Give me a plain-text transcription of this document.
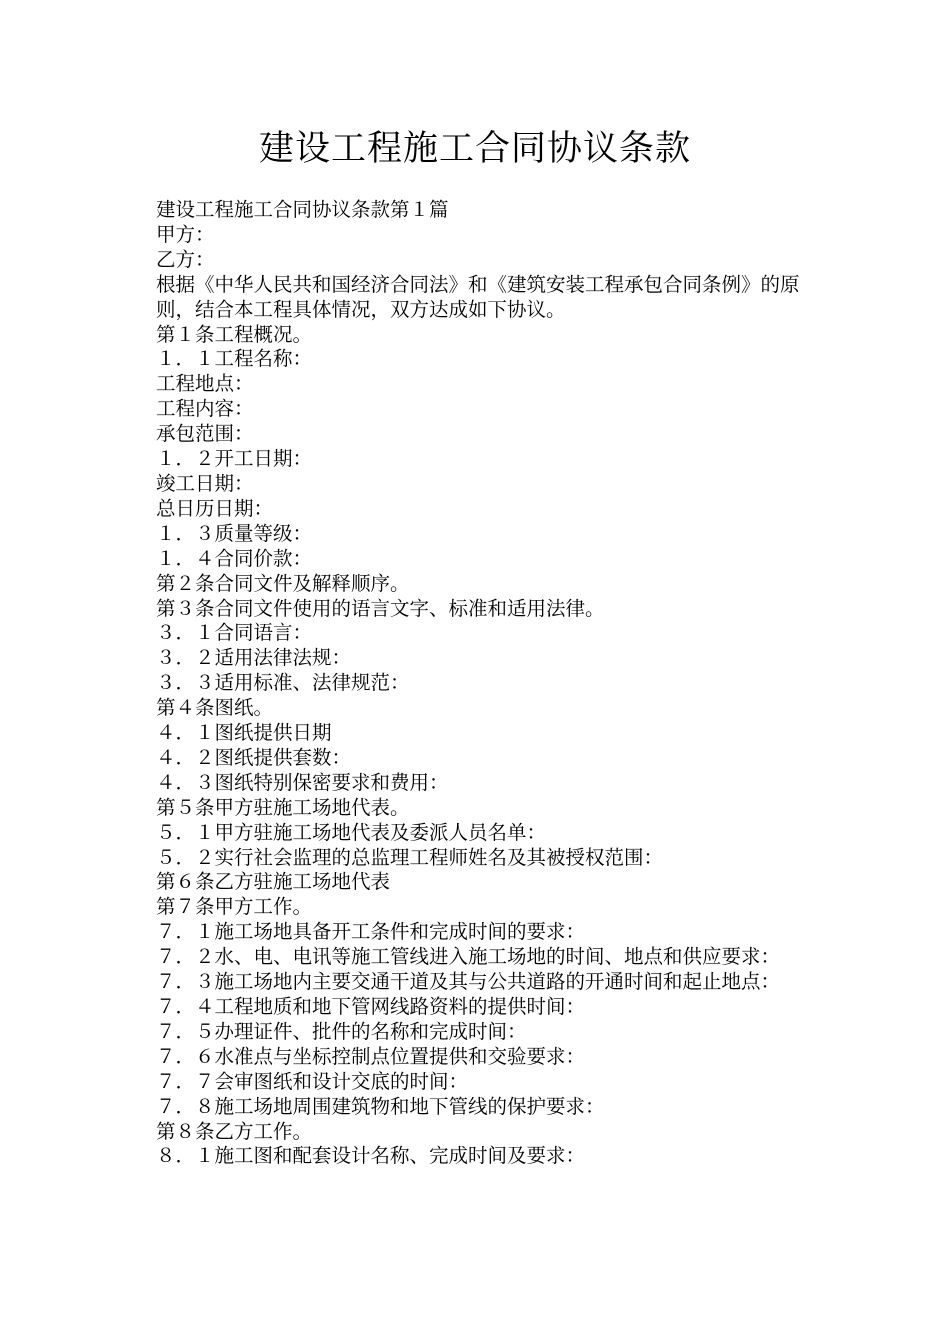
建设工程施工合同协议条款
建设工程施工合同协议条款第１篇
甲方：
乙方：
根据《中华人民共和国经济合同法》和《建筑安装工程承包合同条例》的原则，结合本工程具体情况，双方达成如下协议。
第１条工程概况。
１．１工程名称：
工程地点：
工程内容：
承包范围：
１．２开工日期：
竣工日期：
总日历日期：
１．３质量等级：
１．４合同价款：
第２条合同文件及解释顺序。
第３条合同文件使用的语言文字、标准和适用法律。
３．１合同语言：
３．２适用法律法规：
３．３适用标准、法律规范：
第４条图纸。
４．１图纸提供日期
４．２图纸提供套数：
４．３图纸特别保密要求和费用：
第５条甲方驻施工场地代表。
５．１甲方驻施工场地代表及委派人员名单：
５．２实行社会监理的总监理工程师姓名及其被授权范围：
第６条乙方驻施工场地代表
第７条甲方工作。
７．１施工场地具备开工条件和完成时间的要求：
７．２水、电、电讯等施工管线进入施工场地的时间、地点和供应要求：
７．３施工场地内主要交通干道及其与公共道路的开通时间和起止地点：
７．４工程地质和地下管网线路资料的提供时间：
７．５办理证件、批件的名称和完成时间：
７．６水准点与坐标控制点位置提供和交验要求：
７．７会审图纸和设计交底的时间：
７．８施工场地周围建筑物和地下管线的保护要求：
第８条乙方工作。
８．１施工图和配套设计名称、完成时间及要求：
